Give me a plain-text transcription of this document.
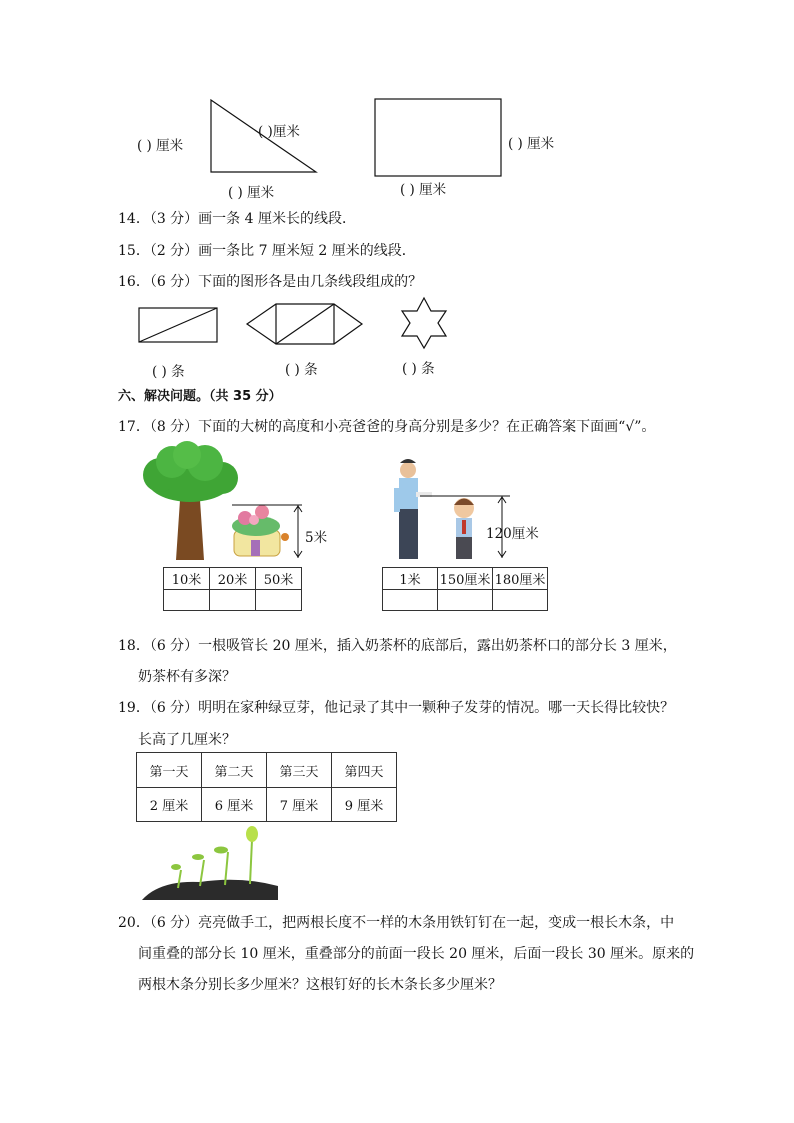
( ) 厘米
( )厘米
( ) 厘米
( ) 厘米
( ) 厘米
14．（3 分）画一条 4 厘米长的线段．
15．（2 分）画一条比 7 厘米短 2 厘米的线段．
16．（6 分）下面的图形各是由几条线段组成的？
( ) 条	( ) 条	( ) 条
六、解决问题。（共 35 分）
17．（8 分）下面的大树的高度和小亮爸爸的身高分别是多少？在正确答案下面画“√”。
5米	120厘米
10米	20米	50米
			1米	150厘米	180厘米

18．（6 分）一根吸管长 20 厘米，插入奶茶杯的底部后，露出奶茶杯口的部分长 3 厘米，
奶茶杯有多深？
19．（6 分）明明在家种绿豆芽，他记录了其中一颗种子发芽的情况。哪一天长得比较快？
长高了几厘米？
第一天	第二天	第三天	第四天
2 厘米	6 厘米	7 厘米	9 厘米
20．（6 分）亮亮做手工，把两根长度不一样的木条用铁钉钉在一起，变成一根长木条，中
间重叠的部分长 10 厘米，重叠部分的前面一段长 20 厘米，后面一段长 30 厘米。原来的
两根木条分别长多少厘米？这根钉好的长木条长多少厘米？
